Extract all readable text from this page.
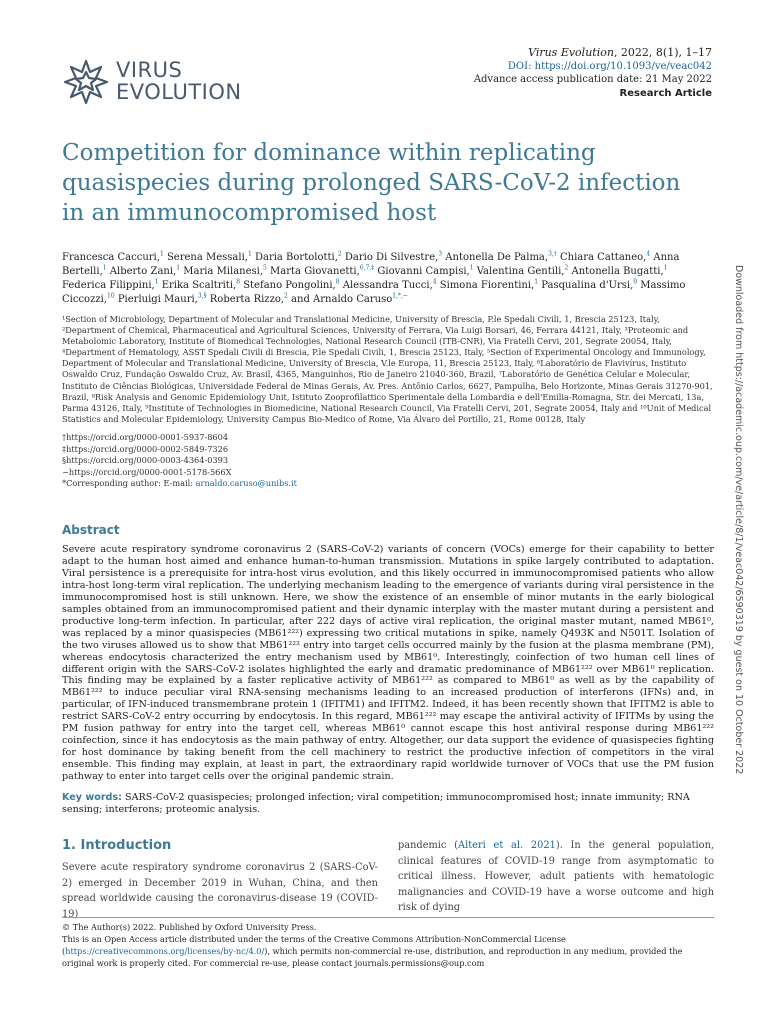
VIRUS
EVOLUTION
Virus Evolution, 2022, 8(1), 1–17
DOI: https://doi.org/10.1093/ve/veac042
Advance access publication date: 21 May 2022
Research Article
Competition for dominance within replicating quasispecies during prolonged SARS-CoV-2 infection in an immunocompromised host
Francesca Caccuri,$^1$ Serena Messali,$^1$ Daria Bortolotti,$^2$ Dario Di Silvestre,$^3$ Antonella De Palma,$^{3,\dagger}$ Chiara Cattaneo,$^4$ Anna Bertelli,$^1$ Alberto Zani,$^1$ Maria Milanesi,$^5$ Marta Giovanetti,$^{6,7,\ddagger}$ Giovanni Campisi,$^1$ Valentina Gentili,$^2$ Antonella Bugatti,$^1$ Federica Filippini,$^1$ Erika Scaltriti,$^8$ Stefano Pongolini,$^8$ Alessandra Tucci,$^4$ Simona Fiorentini,$^1$ Pasqualina d'Ursi,$^9$ Massimo Ciccozzi,$^{10}$ Pierluigi Mauri,$^{3,\S}$ Roberta Rizzo,$^2$ and Arnaldo Caruso$^{1,*,\sim}$
¹Section of Microbiology, Department of Molecular and Translational Medicine, University of Brescia, P.le Spedali Civili, 1, Brescia 25123, Italy, ²Department of Chemical, Pharmaceutical and Agricultural Sciences, University of Ferrara, Via Luigi Borsari, 46, Ferrara 44121, Italy, ³Proteomic and Metabolomic Laboratory, Institute of Biomedical Technologies, National Research Council (ITB-CNR), Via Fratelli Cervi, 201, Segrate 20054, Italy, ⁴Department of Hematology, ASST Spedali Civili di Brescia, P.le Spedali Civili, 1, Brescia 25123, Italy, ⁵Section of Experimental Oncology and Immunology, Department of Molecular and Translational Medicine, University of Brescia, V.le Europa, 11, Brescia 25123, Italy, ⁶Laboratório de Flavivírus, Instituto Oswaldo Cruz, Fundação Oswaldo Cruz, Av. Brasil, 4365, Manguinhos, Rio de Janeiro 21040-360, Brazil, ⁷Laboratório de Genética Celular e Molecular, Instituto de Ciências Biológicas, Universidade Federal de Minas Gerais, Av. Pres. Antônio Carlos, 6627, Pampulha, Belo Horizonte, Minas Gerais 31270-901, Brazil, ⁸Risk Analysis and Genomic Epidemiology Unit, Istituto Zooprofilattico Sperimentale della Lombardia e dell'Emilia-Romagna, Str. dei Mercati, 13a, Parma 43126, Italy, ⁹Institute of Technologies in Biomedicine, National Research Council, Via Fratelli Cervi, 201, Segrate 20054, Italy and ¹⁰Unit of Medical Statistics and Molecular Epidemiology, University Campus Bio-Medico of Rome, Via Álvaro del Portillo, 21, Rome 00128, Italy
†https://orcid.org/0000-0001-5937-8604
‡https://orcid.org/0000-0002-5849-7326
§https://orcid.org/0000-0003-4364-0393
~https://orcid.org/0000-0001-5178-566X
*Corresponding author: E-mail: arnaldo.caruso@unibs.it
Abstract
Severe acute respiratory syndrome coronavirus 2 (SARS-CoV-2) variants of concern (VOCs) emerge for their capability to better adapt to the human host aimed and enhance human-to-human transmission. Mutations in spike largely contributed to adaptation. Viral persistence is a prerequisite for intra-host virus evolution, and this likely occurred in immunocompromised patients who allow intra-host long-term viral replication. The underlying mechanism leading to the emergence of variants during viral persistence in the immunocompromised host is still unknown. Here, we show the existence of an ensemble of minor mutants in the early biological samples obtained from an immunocompromised patient and their dynamic interplay with the master mutant during a persistent and productive long-term infection. In particular, after 222 days of active viral replication, the original master mutant, named MB61⁰, was replaced by a minor quasispecies (MB61²²²) expressing two critical mutations in spike, namely Q493K and N501T. Isolation of the two viruses allowed us to show that MB61²²² entry into target cells occurred mainly by the fusion at the plasma membrane (PM), whereas endocytosis characterized the entry mechanism used by MB61⁰. Interestingly, coinfection of two human cell lines of different origin with the SARS-CoV-2 isolates highlighted the early and dramatic predominance of MB61²²² over MB61⁰ replication. This finding may be explained by a faster replicative activity of MB61²²² as compared to MB61⁰ as well as by the capability of MB61²²² to induce peculiar viral RNA-sensing mechanisms leading to an increased production of interferons (IFNs) and, in particular, of IFN-induced transmembrane protein 1 (IFITM1) and IFITM2. Indeed, it has been recently shown that IFITM2 is able to restrict SARS-CoV-2 entry occurring by endocytosis. In this regard, MB61²²² may escape the antiviral activity of IFITMs by using the PM fusion pathway for entry into the target cell, whereas MB61⁰ cannot escape this host antiviral response during MB61²²² coinfection, since it has endocytosis as the main pathway of entry. Altogether, our data support the evidence of quasispecies fighting for host dominance by taking benefit from the cell machinery to restrict the productive infection of competitors in the viral ensemble. This finding may explain, at least in part, the extraordinary rapid worldwide turnover of VOCs that use the PM fusion pathway to enter into target cells over the original pandemic strain.
Key words: SARS-CoV-2 quasispecies; prolonged infection; viral competition; immunocompromised host; innate immunity; RNA sensing; interferons; proteomic analysis.
1. Introduction
Severe acute respiratory syndrome coronavirus 2 (SARS-CoV-2) emerged in December 2019 in Wuhan, China, and then spread worldwide causing the coronavirus-disease 19 (COVID-19)
pandemic (Alteri et al. 2021). In the general population, clinical features of COVID-19 range from asymptomatic to critical illness. However, adult patients with hematologic malignancies and COVID-19 have a worse outcome and high risk of dying
© The Author(s) 2022. Published by Oxford University Press.
This is an Open Access article distributed under the terms of the Creative Commons Attribution-NonCommercial License
(https://creativecommons.org/licenses/by-nc/4.0/), which permits non-commercial re-use, distribution, and reproduction in any medium, provided the original work is properly cited. For commercial re-use, please contact journals.permissions@oup.com
Downloaded from https://academic.oup.com/ve/article/8/1/veac042/6590319 by guest on 10 October 2022
